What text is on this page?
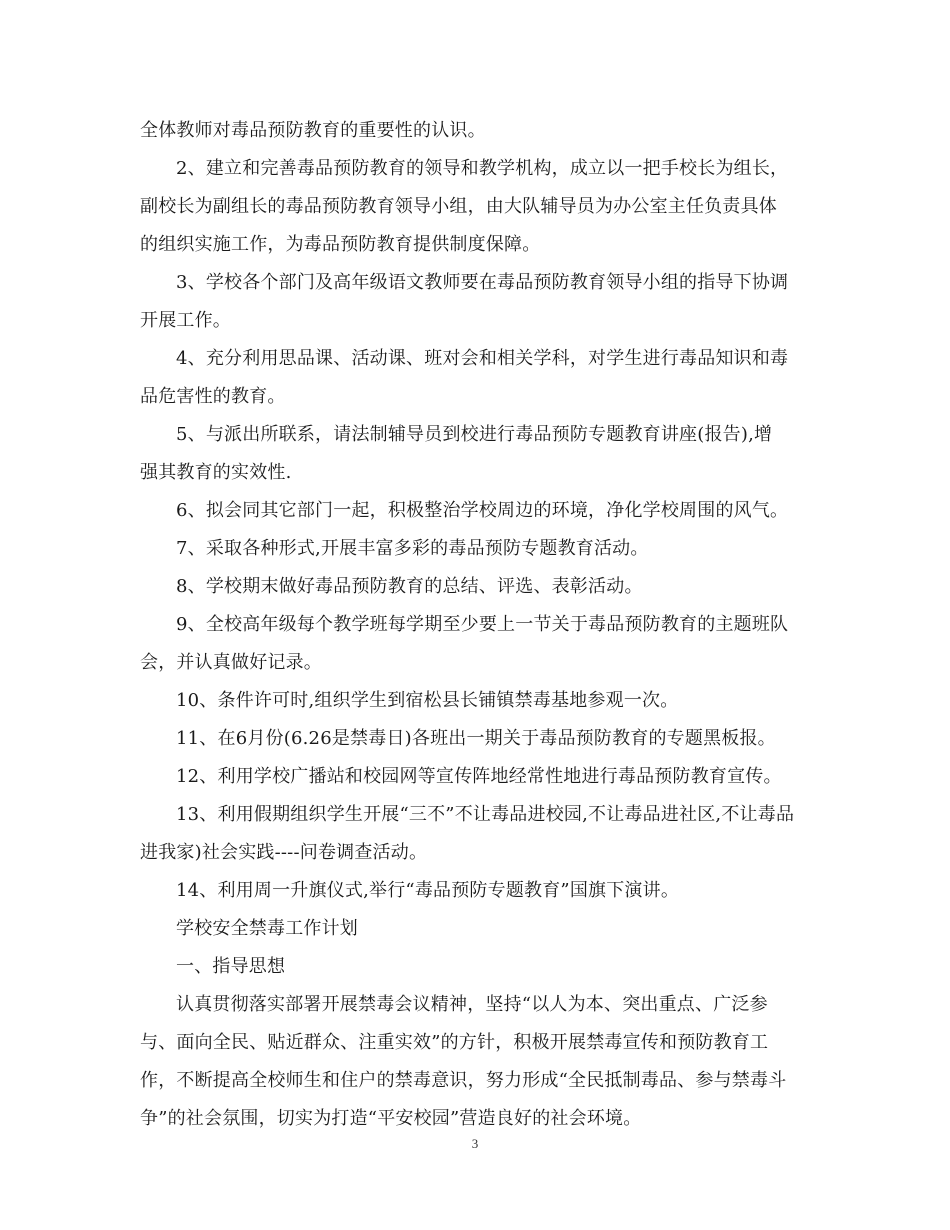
全体教师对毒品预防教育的重要性的认识。

2、建立和完善毒品预防教育的领导和教学机构，成立以一把手校长为组长，

副校长为副组长的毒品预防教育领导小组，由大队辅导员为办公室主任负责具体

的组织实施工作，为毒品预防教育提供制度保障。

3、学校各个部门及高年级语文教师要在毒品预防教育领导小组的指导下协调

开展工作。

4、充分利用思品课、活动课、班对会和相关学科，对学生进行毒品知识和毒

品危害性的教育。

5、与派出所联系，请法制辅导员到校进行毒品预防专题教育讲座(报告),增

强其教育的实效性.

6、拟会同其它部门一起，积极整治学校周边的环境，净化学校周围的风气。

7、采取各种形式,开展丰富多彩的毒品预防专题教育活动。

8、学校期末做好毒品预防教育的总结、评选、表彰活动。

9、全校高年级每个教学班每学期至少要上一节关于毒品预防教育的主题班队

会，并认真做好记录。

10、条件许可时,组织学生到宿松县长铺镇禁毒基地参观一次。

11、在6月份(6.26是禁毒日)各班出一期关于毒品预防教育的专题黑板报。

12、利用学校广播站和校园网等宣传阵地经常性地进行毒品预防教育宣传。

13、利用假期组织学生开展“三不”不让毒品进校园,不让毒品进社区,不让毒品

进我家)社会实践----问卷调查活动。

14、利用周一升旗仪式,举行“毒品预防专题教育”国旗下演讲。

学校安全禁毒工作计划

一、指导思想

认真贯彻落实部署开展禁毒会议精神，坚持“以人为本、突出重点、广泛参

与、面向全民、贴近群众、注重实效”的方针，积极开展禁毒宣传和预防教育工

作，不断提高全校师生和住户的禁毒意识，努力形成“全民抵制毒品、参与禁毒斗

争”的社会氛围，切实为打造“平安校园”营造良好的社会环境。

3
